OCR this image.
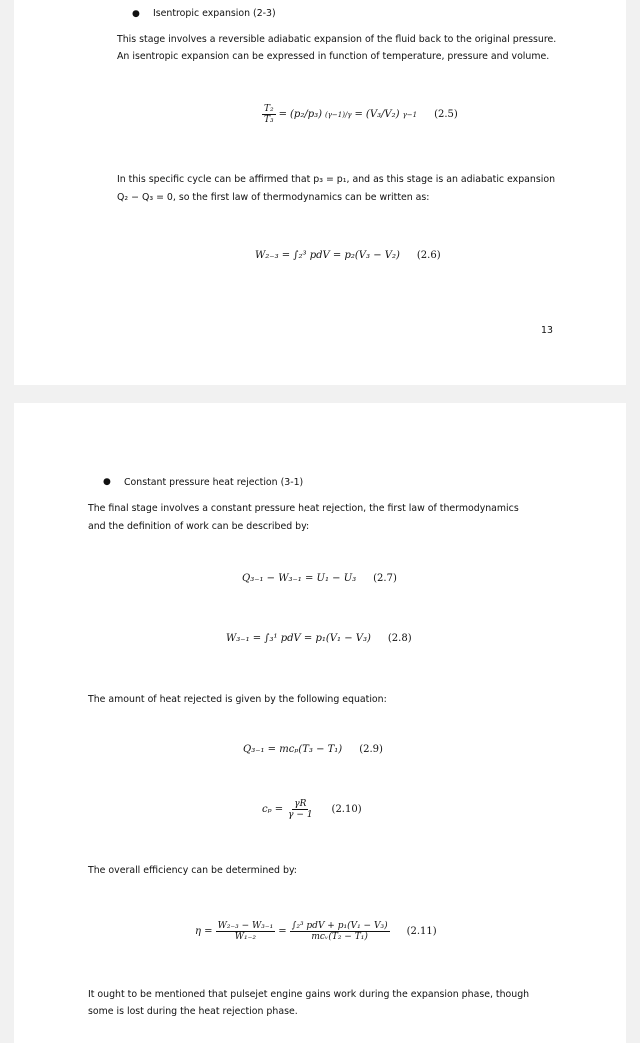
● Isentropic expansion (2-3)
This stage involves a reversible adiabatic expansion of the fluid back to the original pressure.
An isentropic expansion can be expressed in function of temperature, pressure and volume.
$\frac{\text{T₂}}{\text{T₃}} = (p_2/p_3) (\gamma-1)/\gamma = (V_3/V_2)$ γ−1 (2.5)
In this specific cycle can be affirmed that p₃ = p₁, and as this stage is an adiabatic expansion
Q₂ − Q₃ = 0, so the first law of thermodynamics can be written as:
W₂₋₃ = ∫₂³ pdV = p₂(V₃ − V₂) (2.6)
13
● Constant pressure heat rejection (3-1)
The final stage involves a constant pressure heat rejection, the first law of thermodynamics
and the definition of work can be described by:
Q₃₋₁ − W₃₋₁ = U₁ − U₃ (2.7)
W₃₋₁ = ∫₃¹ pdV = p₁(V₁ − V₃) (2.8)
The amount of heat rejected is given by the following equation:
Q₃₋₁ = mcₚ(T₃ − T₁) (2.9)
$c_p = \frac{\gamma R}{\gamma - 1} (2.10)$
The overall efficiency can be determined by:
$\eta = \frac{\text{W₂₋₃ − W₃₋₁}}{\text{W₁₋₂}} = \frac{\text{∫₂³ pdV + p₁(V₁ − V₃)}}{\text{mcᵥ(T₂ − T₁)}} (2.11)$
It ought to be mentioned that pulsejet engine gains work during the expansion phase, though
some is lost during the heat rejection phase.
